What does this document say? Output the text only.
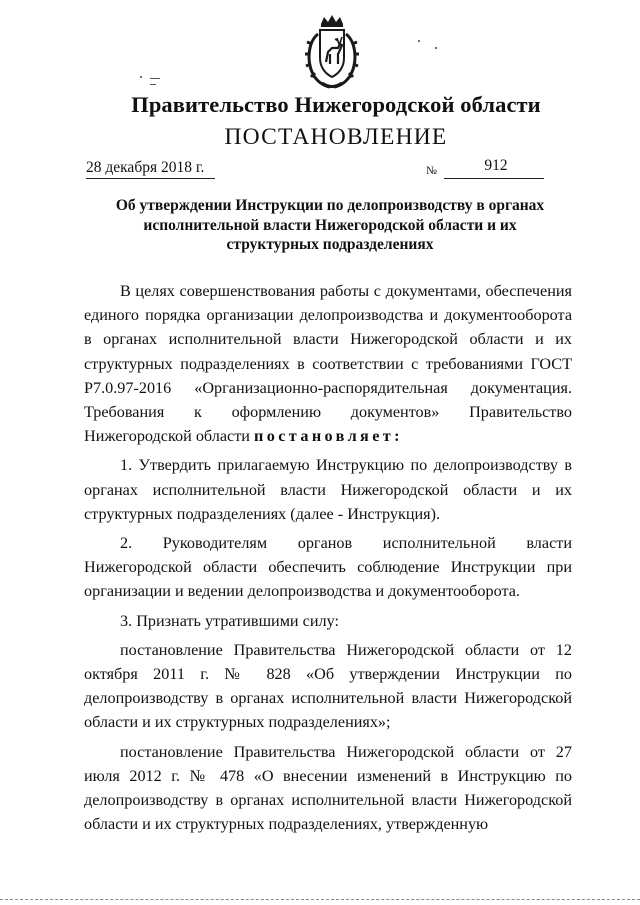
Правительство Нижегородской области
ПОСТАНОВЛЕНИЕ
28 декабря 2018 г.	№	912
Об утверждении Инструкции по делопроизводству в органах
исполнительной власти Нижегородской области и их
структурных подразделениях

В целях совершенствования работы с документами, обеспечения единого порядка организации делопроизводства и документооборота в органах исполнительной власти Нижегородской области и их структурных подразделениях в соответствии с требованиями ГОСТ Р7.0.97-2016 «Организационно-распорядительная документация. Требования к оформлению документов» Правительство Нижегородской области постановляет:

1. Утвердить прилагаемую Инструкцию по делопроизводству в органах исполнительной власти Нижегородской области и их структурных подразделениях (далее - Инструкция).

2. Руководителям органов исполнительной власти Нижегородской области обеспечить соблюдение Инструкции при организации и ведении делопроизводства и документооборота.

3. Признать утратившими силу:

постановление Правительства Нижегородской области от 12 октября 2011 г. № 828 «Об утверждении Инструкции по делопроизводству в органах исполнительной власти Нижегородской области и их структурных подразделениях»;

постановление Правительства Нижегородской области от 27 июля 2012 г. № 478 «О внесении изменений в Инструкцию по делопроизводству в органах исполнительной власти Нижегородской области и их структурных подразделениях, утвержденную
